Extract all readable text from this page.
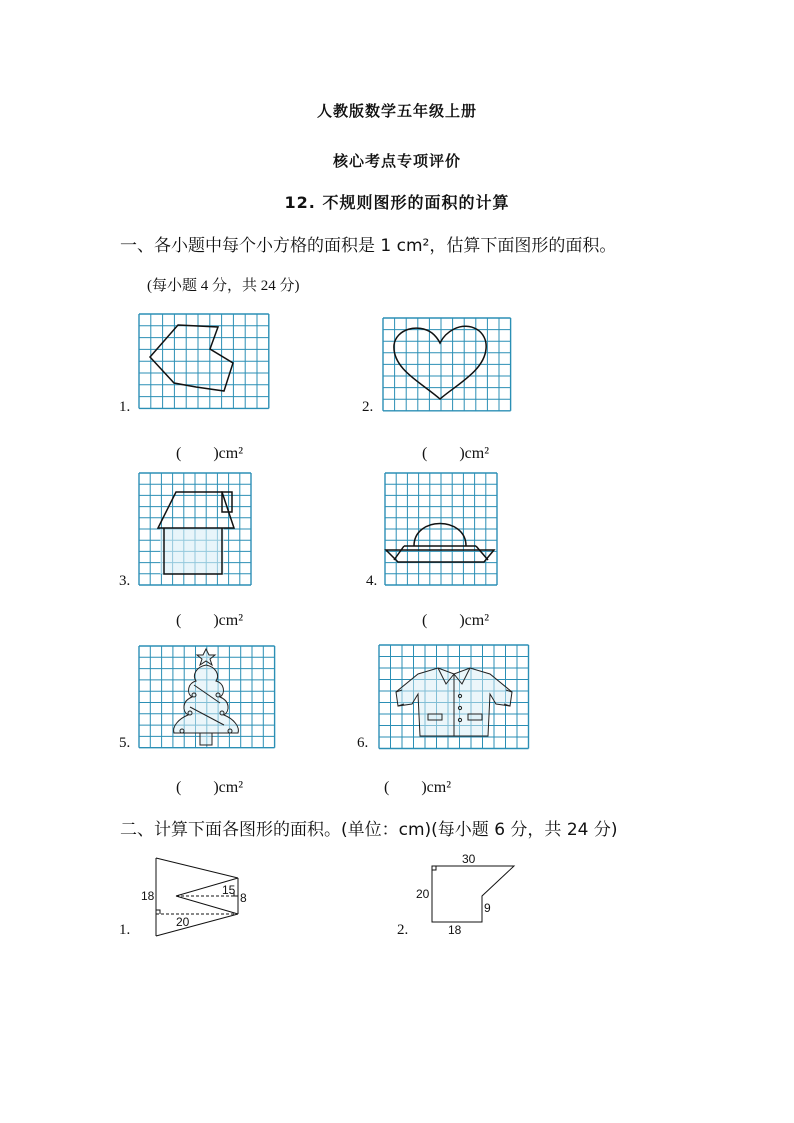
人教版数学五年级上册
核心考点专项评价
12. 不规则图形的面积的计算
一、各小题中每个小方格的面积是 1 cm²，估算下面图形的面积。
(每小题 4 分，共 24 分)
1.
(　　)cm²
2.
(　　)cm²
3.
(　　)cm²
4.
(　　)cm²
5.
(　　)cm²
6.
(　　)cm²
二、计算下面各图形的面积。(单位：cm)(每小题 6 分，共 24 分)
18	15
8
20
1.
30
20
9
18
2.
